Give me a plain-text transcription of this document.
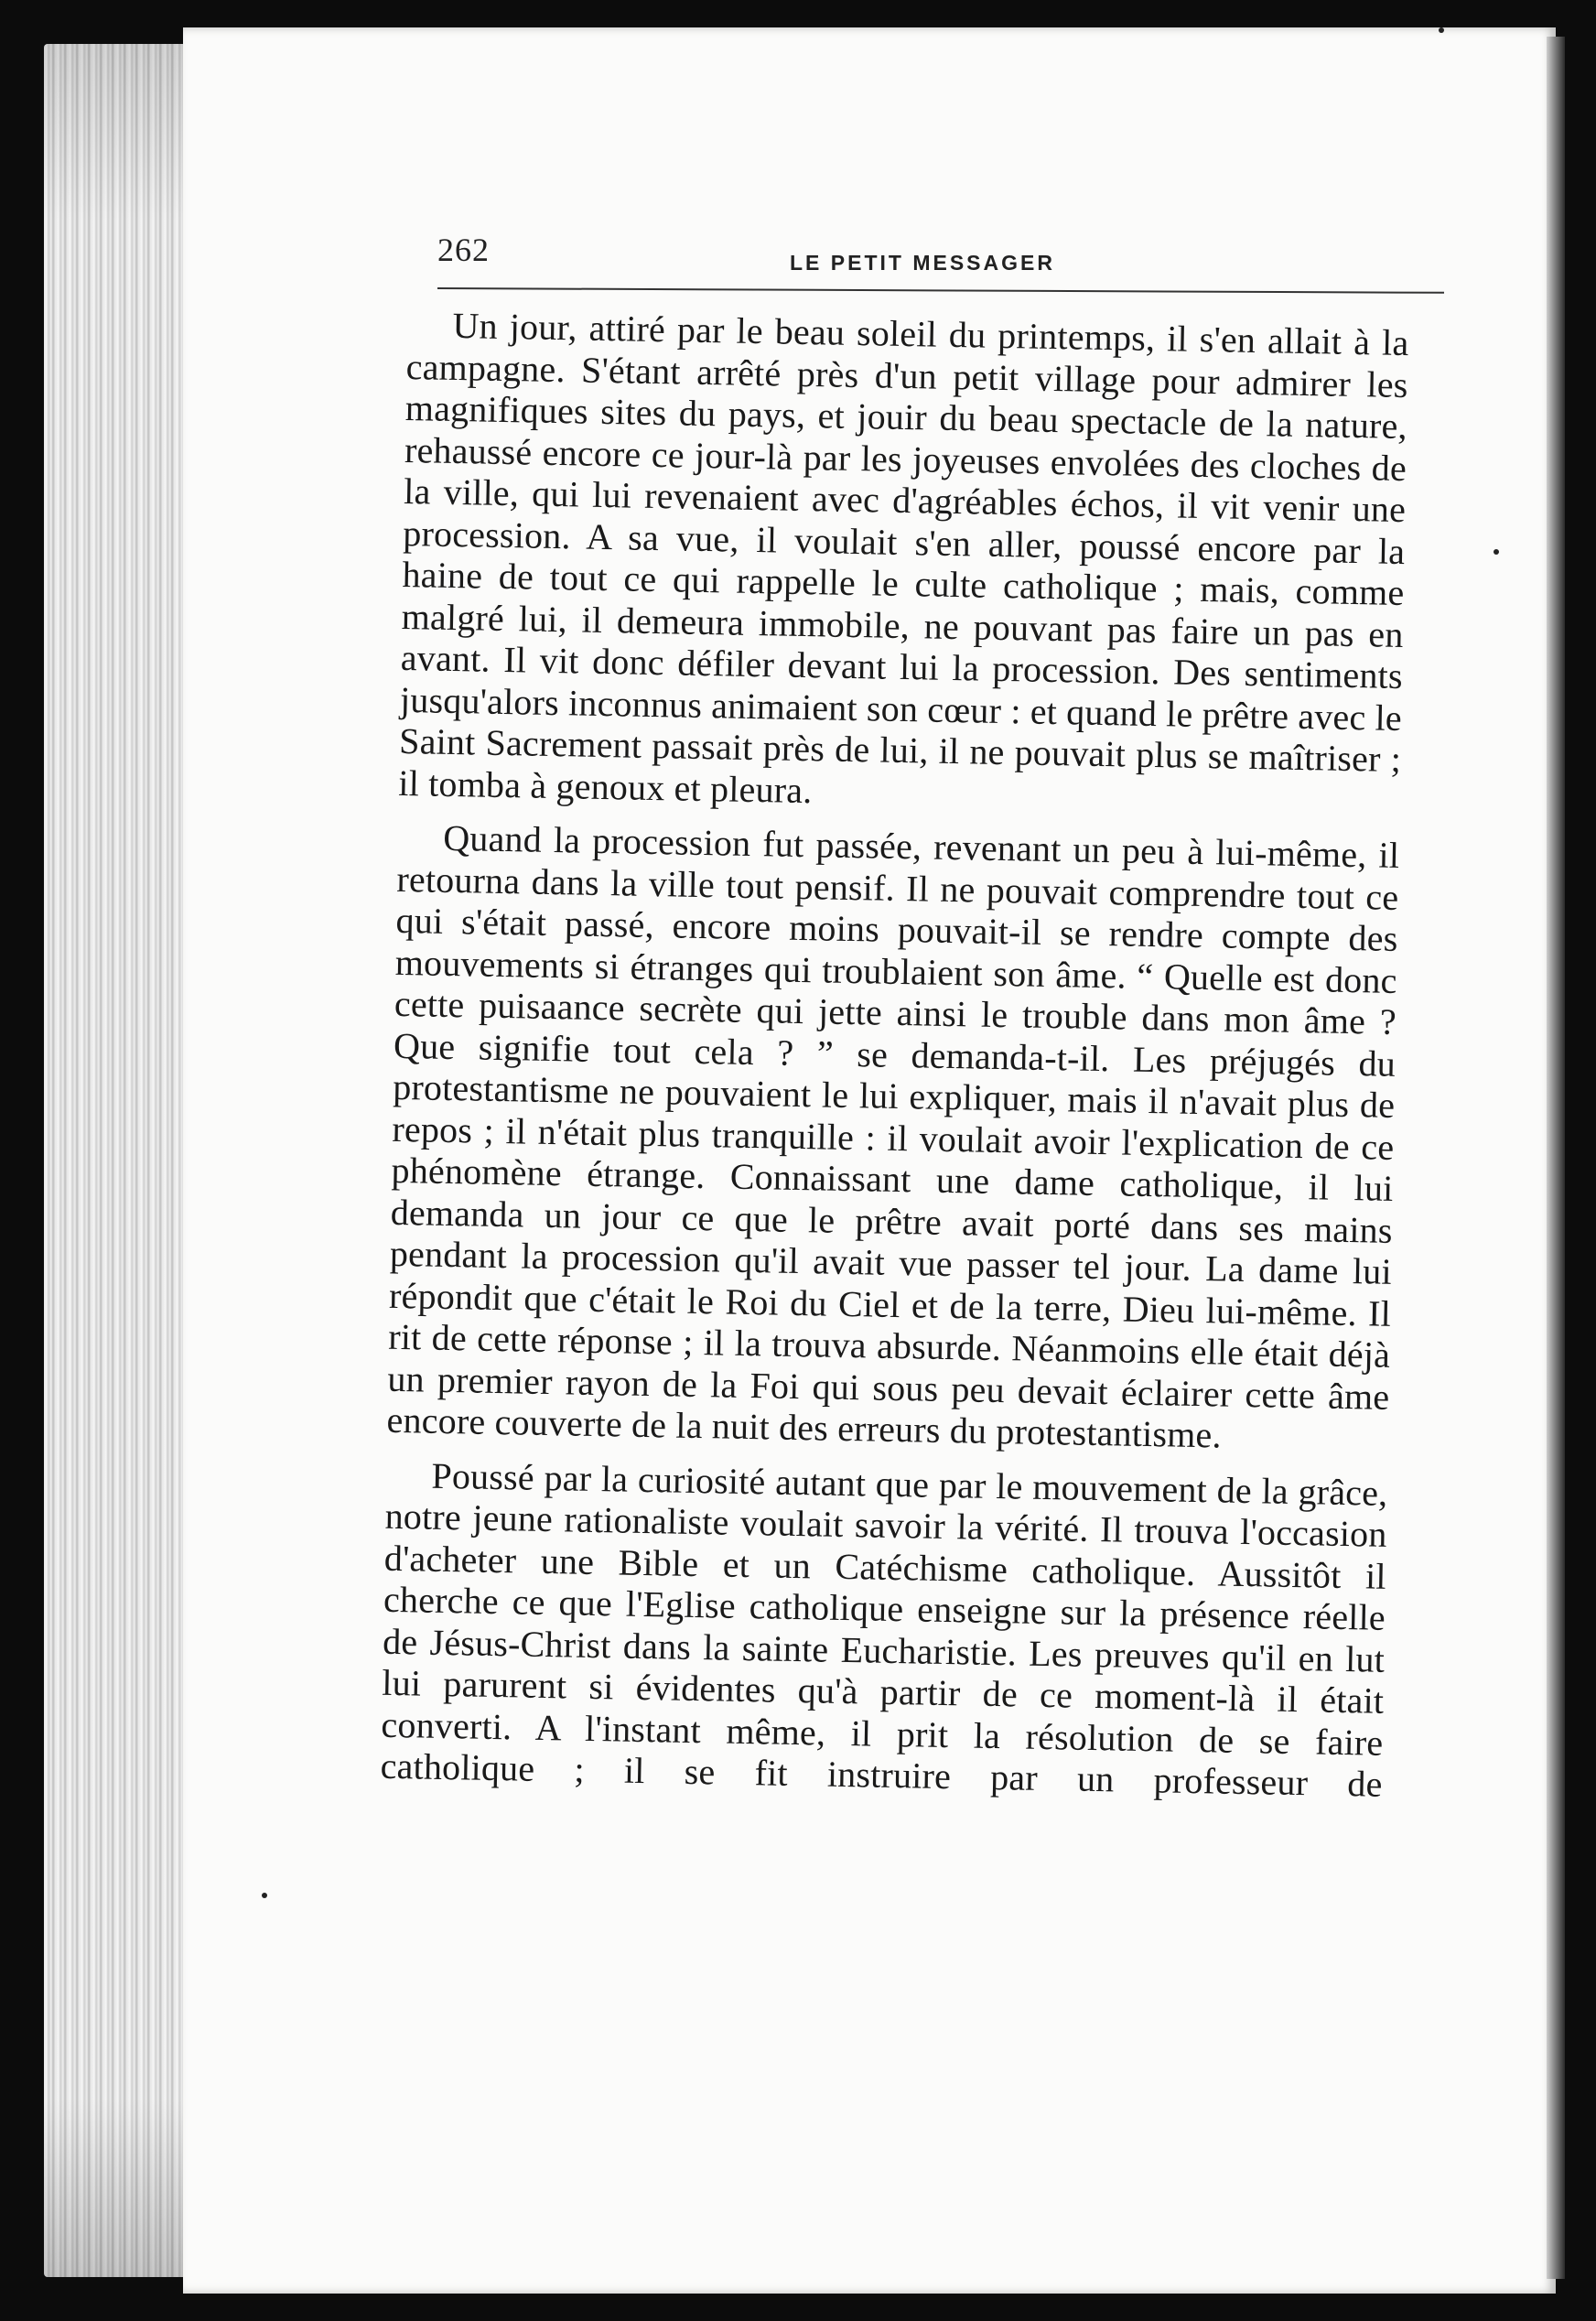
262	LE PETIT MESSAGER

Un jour, attiré par le beau soleil du printemps, il s'en allait à la campagne. S'étant arrêté près d'un petit village pour admirer les magnifiques sites du pays, et jouir du beau spectacle de la nature, rehaussé encore ce jour-là par les joyeuses envolées des cloches de la ville, qui lui revenaient avec d'agréables échos, il vit venir une procession. A sa vue, il voulait s'en aller, poussé encore par la haine de tout ce qui rappelle le culte catholique ; mais, comme malgré lui, il demeura immobile, ne pouvant pas faire un pas en avant. Il vit donc défiler devant lui la procession. Des sentiments jusqu'alors inconnus animaient son cœur : et quand le prêtre avec le Saint Sacrement passait près de lui, il ne pouvait plus se maîtriser ; il tomba à genoux et pleura.

Quand la procession fut passée, revenant un peu à lui-même, il retourna dans la ville tout pensif. Il ne pouvait comprendre tout ce qui s'était passé, encore moins pouvait-il se rendre compte des mouvements si étranges qui troublaient son âme. “ Quelle est donc cette puisaance secrète qui jette ainsi le trouble dans mon âme ? Que signifie tout cela ? ” se demanda-t-il. Les préjugés du protestantisme ne pouvaient le lui expliquer, mais il n'avait plus de repos ; il n'était plus tranquille : il voulait avoir l'explication de ce phénomène étrange. Connaissant une dame catholique, il lui demanda un jour ce que le prêtre avait porté dans ses mains pendant la procession qu'il avait vue passer tel jour. La dame lui répondit que c'était le Roi du Ciel et de la terre, Dieu lui-même. Il rit de cette réponse ; il la trouva absurde. Néanmoins elle était déjà un premier rayon de la Foi qui sous peu devait éclairer cette âme encore couverte de la nuit des erreurs du protestantisme.

Poussé par la curiosité autant que par le mouvement de la grâce, notre jeune rationaliste voulait savoir la vérité. Il trouva l'occasion d'acheter une Bible et un Catéchisme catholique. Aussitôt il cherche ce que l'Eglise catholique enseigne sur la présence réelle de Jésus-Christ dans la sainte Eucharistie. Les preuves qu'il en lut lui parurent si évidentes qu'à partir de ce moment-là il était converti. A l'instant même, il prit la résolution de se faire catholique ; il se fit instruire par un professeur de
